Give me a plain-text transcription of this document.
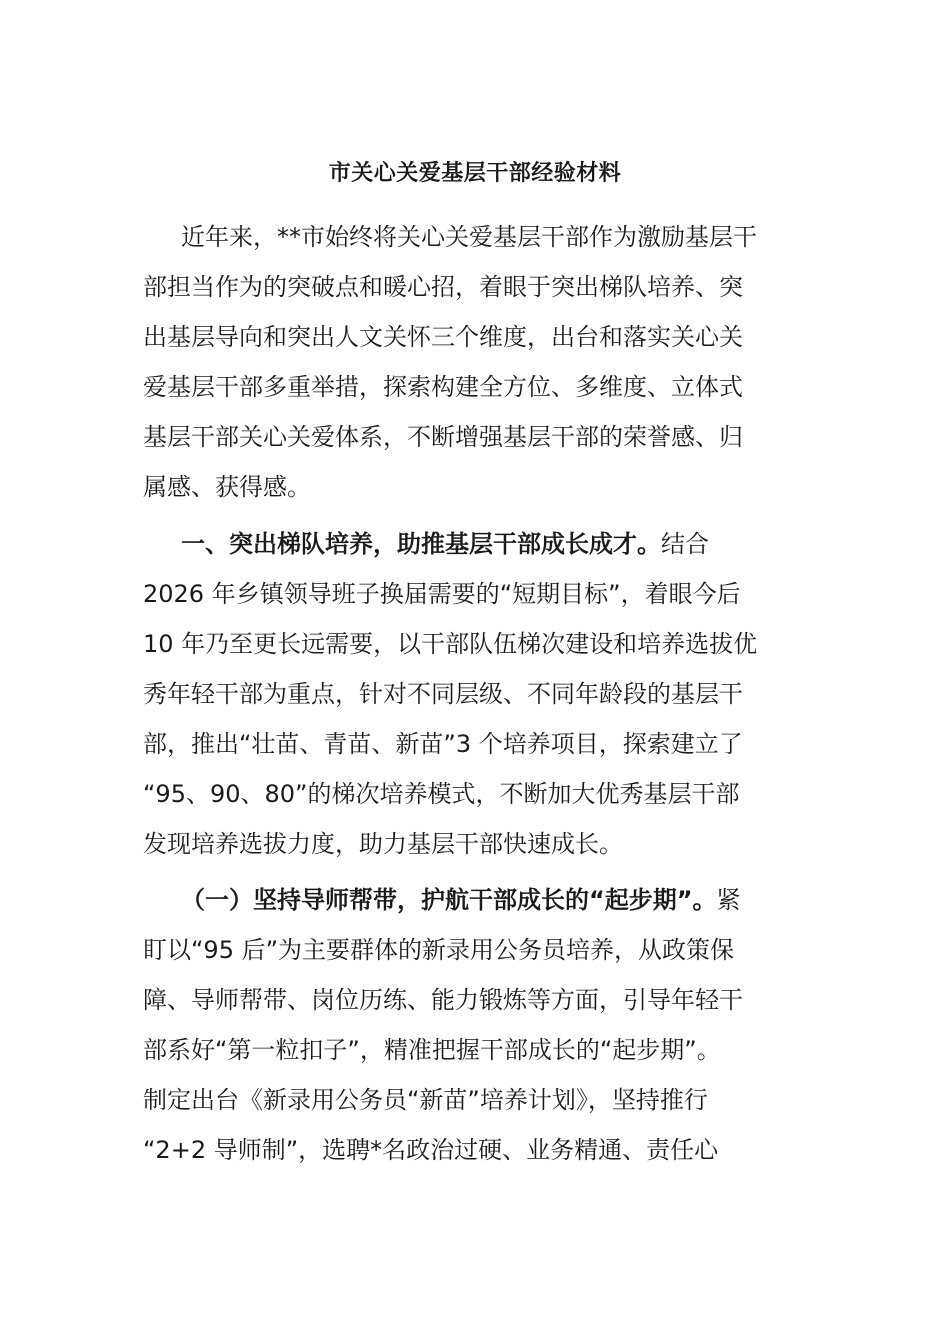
市关心关爱基层干部经验材料
近年来，**市始终将关心关爱基层干部作为激励基层干
部担当作为的突破点和暖心招，着眼于突出梯队培养、突
出基层导向和突出人文关怀三个维度，出台和落实关心关
爱基层干部多重举措，探索构建全方位、多维度、立体式
基层干部关心关爱体系，不断增强基层干部的荣誉感、归
属感、获得感。
一、突出梯队培养，助推基层干部成长成才。结合
2026 年乡镇领导班子换届需要的“短期目标”，着眼今后
10 年乃至更长远需要，以干部队伍梯次建设和培养选拔优
秀年轻干部为重点，针对不同层级、不同年龄段的基层干
部，推出“壮苗、青苗、新苗”3 个培养项目，探索建立了
“95、90、80”的梯次培养模式，不断加大优秀基层干部
发现培养选拔力度，助力基层干部快速成长。
（一）坚持导师帮带，护航干部成长的“起步期”。紧
盯以“95 后”为主要群体的新录用公务员培养，从政策保
障、导师帮带、岗位历练、能力锻炼等方面，引导年轻干
部系好“第一粒扣子”，精准把握干部成长的“起步期”。
制定出台《新录用公务员“新苗”培养计划》，坚持推行
“2+2 导师制”，选聘*名政治过硬、业务精通、责任心
